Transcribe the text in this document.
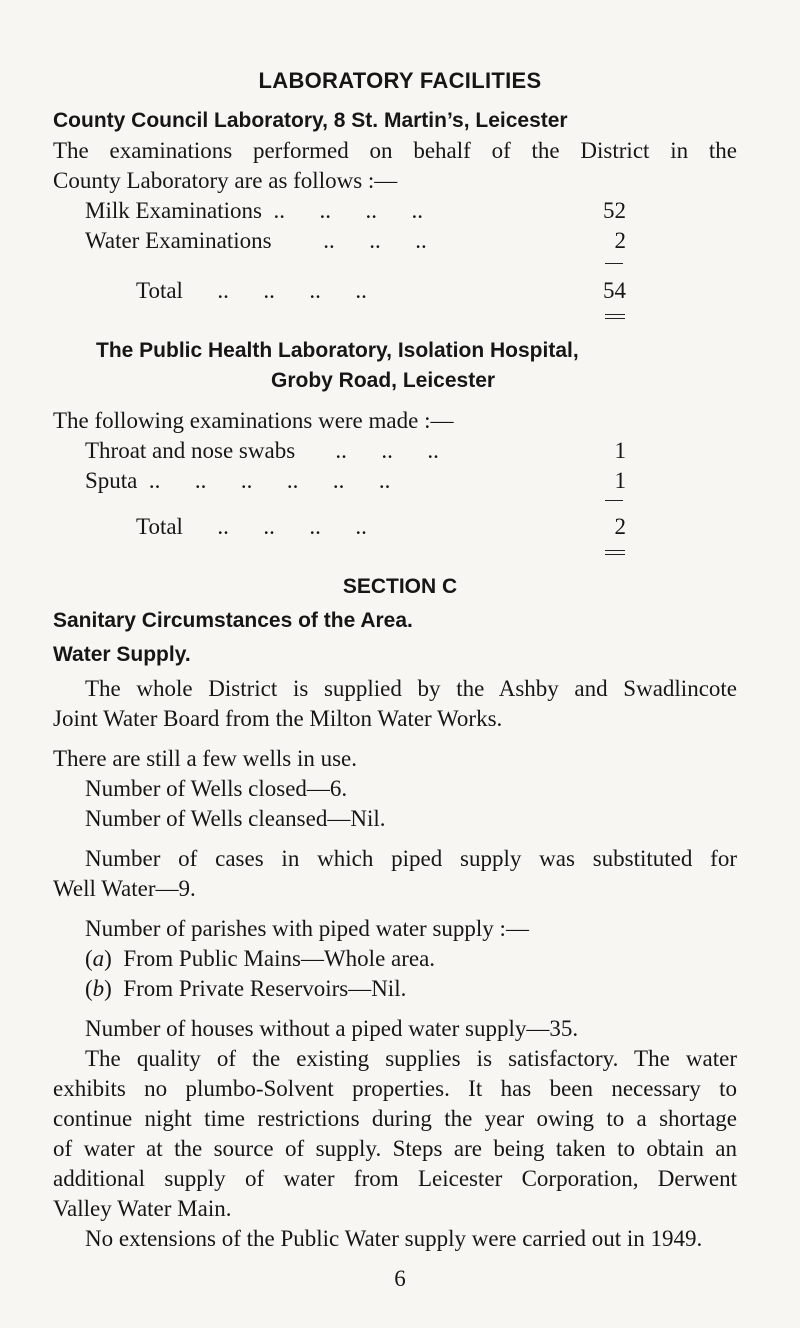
LABORATORY FACILITIES
County Council Laboratory, 8 St. Martin’s, Leicester
The examinations performed on behalf of the District in the
County Laboratory are as follows :—
Milk Examinations  ..      ..      ..      ..	52
Water Examinations         ..      ..      ..	2
Total      ..      ..      ..      ..	54
The Public Health Laboratory, Isolation Hospital,
Groby Road, Leicester
The following examinations were made :—
Throat and nose swabs       ..      ..      ..	1
Sputa  ..      ..      ..      ..      ..      ..	1
Total      ..      ..      ..      ..	2
SECTION C
Sanitary Circumstances of the Area.
Water Supply.
The whole District is supplied by the Ashby and Swadlincote
Joint Water Board from the Milton Water Works.
There are still a few wells in use.
Number of Wells closed—6.
Number of Wells cleansed—Nil.
Number of cases in which piped supply was substituted for
Well Water—9.
Number of parishes with piped water supply :—
(a)  From Public Mains—Whole area.
(b)  From Private Reservoirs—Nil.
Number of houses without a piped water supply—35.
The quality of the existing supplies is satisfactory. The water
exhibits no plumbo-Solvent properties. It has been necessary to
continue night time restrictions during the year owing to a shortage
of water at the source of supply. Steps are being taken to obtain an
additional supply of water from Leicester Corporation, Derwent
Valley Water Main.
No extensions of the Public Water supply were carried out in 1949.
6
